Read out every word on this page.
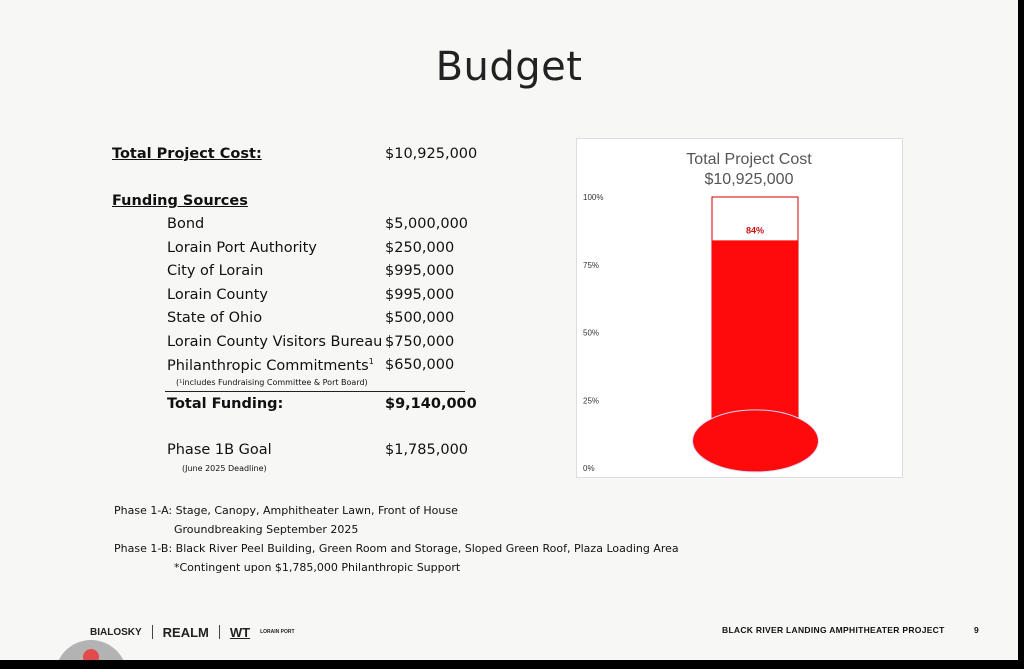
Budget
Total Project Cost:	$10,925,000
Funding Sources
Bond	$5,000,000
Lorain Port Authority	$250,000
City of Lorain	$995,000
Lorain County	$995,000
State of Ohio	$500,000
Lorain County Visitors Bureau $750,000
Philanthropic Commitments$^1$ $650,000
(¹includes Fundraising Committee & Port Board)
Total Funding:	$9,140,000
Phase 1B Goal	$1,785,000
(June 2025 Deadline)
Phase 1-A: Stage, Canopy, Amphitheater Lawn, Front of House
Groundbreaking September 2025
Phase 1-B: Black River Peel Building, Green Room and Storage, Sloped Green Roof, Plaza Loading Area
*Contingent upon $1,785,000 Philanthropic Support
Total Project Cost
$10,925,000
0%
25%
50%
75%
100%
84%
BIALOSKY REALM WT LORAIN PORT	BLACK RIVER LANDING AMPHITHEATER PROJECT	9
